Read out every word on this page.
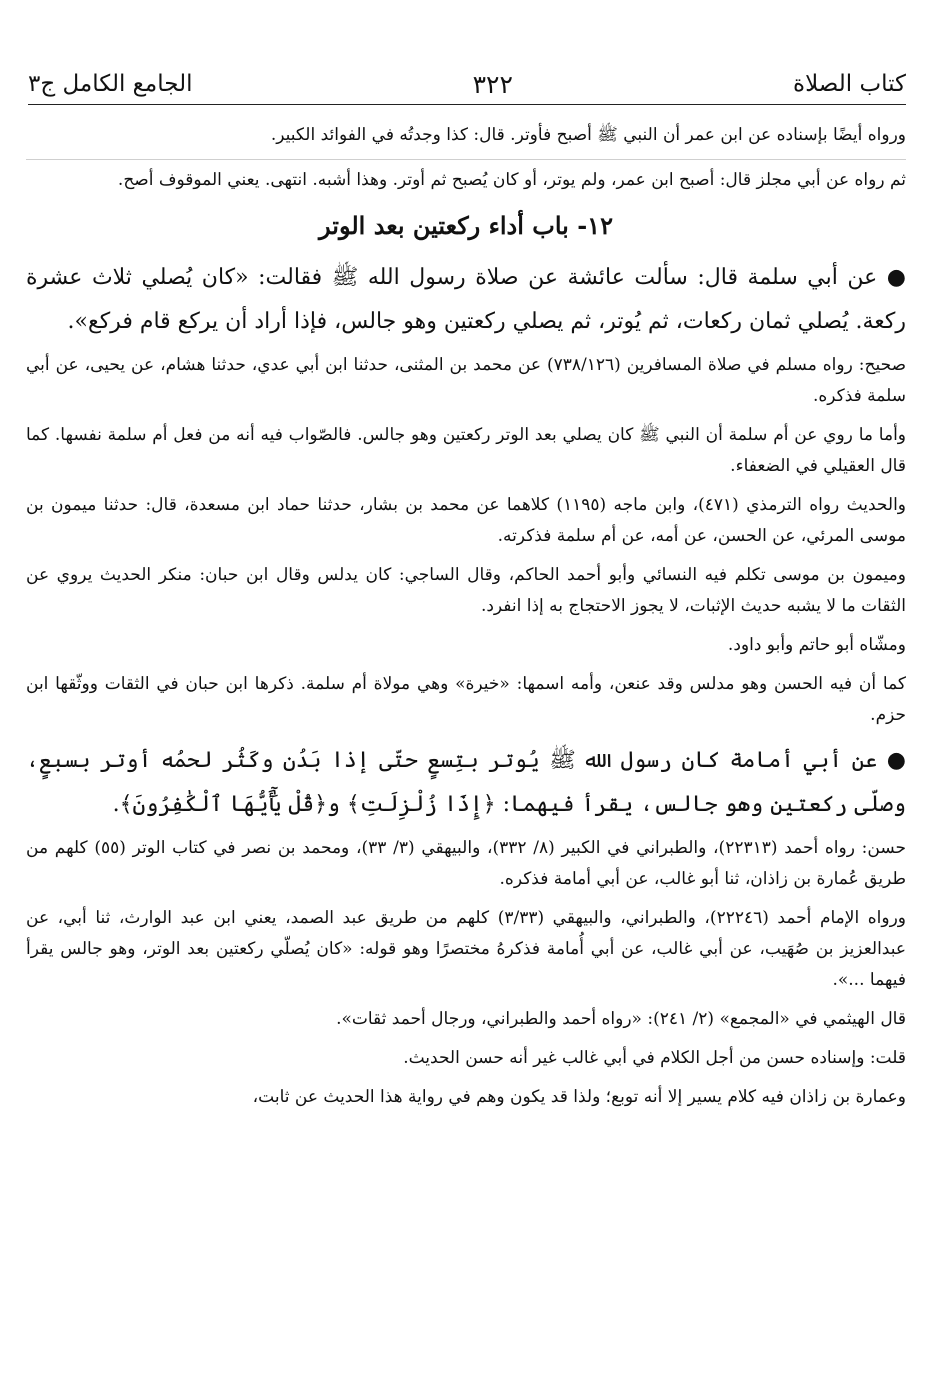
كتاب الصلاة
٣٢٢
الجامع الكامل ج٣

ورواه أيضًا بإسناده عن ابن عمر أن النبي ﷺ أصبح فأوتر. قال: كذا وجدتُه في الفوائد الكبير.

ثم رواه عن أبي مجلز قال: أصبح ابن عمر، ولم يوتر، أو كان يُصبح ثم أوتر. وهذا أشبه. انتهى. يعني الموقوف أصح.

١٢- باب أداء ركعتين بعد الوتر

● عن أبي سلمة قال: سألت عائشة عن صلاة رسول الله ﷺ فقالت: «كان يُصلي ثلاث عشرة ركعة. يُصلي ثمان ركعات، ثم يُوتر، ثم يصلي ركعتين وهو جالس، فإذا أراد أن يركع قام فركع».

صحيح: رواه مسلم في صلاة المسافرين (٧٣٨/١٢٦) عن محمد بن المثنى، حدثنا ابن أبي عدي، حدثنا هشام، عن يحيى، عن أبي سلمة فذكره.

وأما ما روي عن أم سلمة أن النبي ﷺ كان يصلي بعد الوتر ركعتين وهو جالس. فالصّواب فيه أنه من فعل أم سلمة نفسها. كما قال العقيلي في الضعفاء.

والحديث رواه الترمذي (٤٧١)، وابن ماجه (١١٩٥) كلاهما عن محمد بن بشار، حدثنا حماد ابن مسعدة، قال: حدثنا ميمون بن موسى المرئي، عن الحسن، عن أمه، عن أم سلمة فذكرته.

وميمون بن موسى تكلم فيه النسائي وأبو أحمد الحاكم، وقال الساجي: كان يدلس وقال ابن حبان: منكر الحديث يروي عن الثقات ما لا يشبه حديث الإثبات، لا يجوز الاحتجاج به إذا انفرد.

ومشّاه أبو حاتم وأبو داود.

كما أن فيه الحسن وهو مدلس وقد عنعن، وأمه اسمها: «خيرة» وهي مولاة أم سلمة. ذكرها ابن حبان في الثقات ووثّقها ابن حزم.

● عن أبي أمامة كان رسول الله ﷺ يُوتر بتِسعٍ حتّى إذا بَدُن وكَثُر لحمُه أوتر بسبعٍ، وصلّى ركعتين وهو جالس، يقرأ فيهما: ﴿إِذَا زُلْزِلَتِ﴾ و﴿قُلْ يَٰٓأَيُّهَا ٱلْكَٰفِرُونَ﴾.

حسن: رواه أحمد (٢٢٣١٣)، والطبراني في الكبير (٨/ ٣٣٢)، والبيهقي (٣/ ٣٣)، ومحمد بن نصر في كتاب الوتر (٥٥) كلهم من طريق عُمارة بن زاذان، ثنا أبو غالب، عن أبي أمامة فذكره.

ورواه الإمام أحمد (٢٢٢٤٦)، والطبراني، والبيهقي (٣/٣٣) كلهم من طريق عبد الصمد، يعني ابن عبد الوارث، ثنا أبي، عن عبدالعزيز بن صُهَيب، عن أبي غالب، عن أبي أُمامة فذكرهُ مختصرًا وهو قوله: «كان يُصلّي ركعتين بعد الوتر، وهو جالس يقرأ فيهما ...».

قال الهيثمي في «المجمع» (٢/ ٢٤١): «رواه أحمد والطبراني، ورجال أحمد ثقات».

قلت: وإسناده حسن من أجل الكلام في أبي غالب غير أنه حسن الحديث.

وعمارة بن زاذان فيه كلام يسير إلا أنه توبع؛ ولذا قد يكون وهم في رواية هذا الحديث عن ثابت،
